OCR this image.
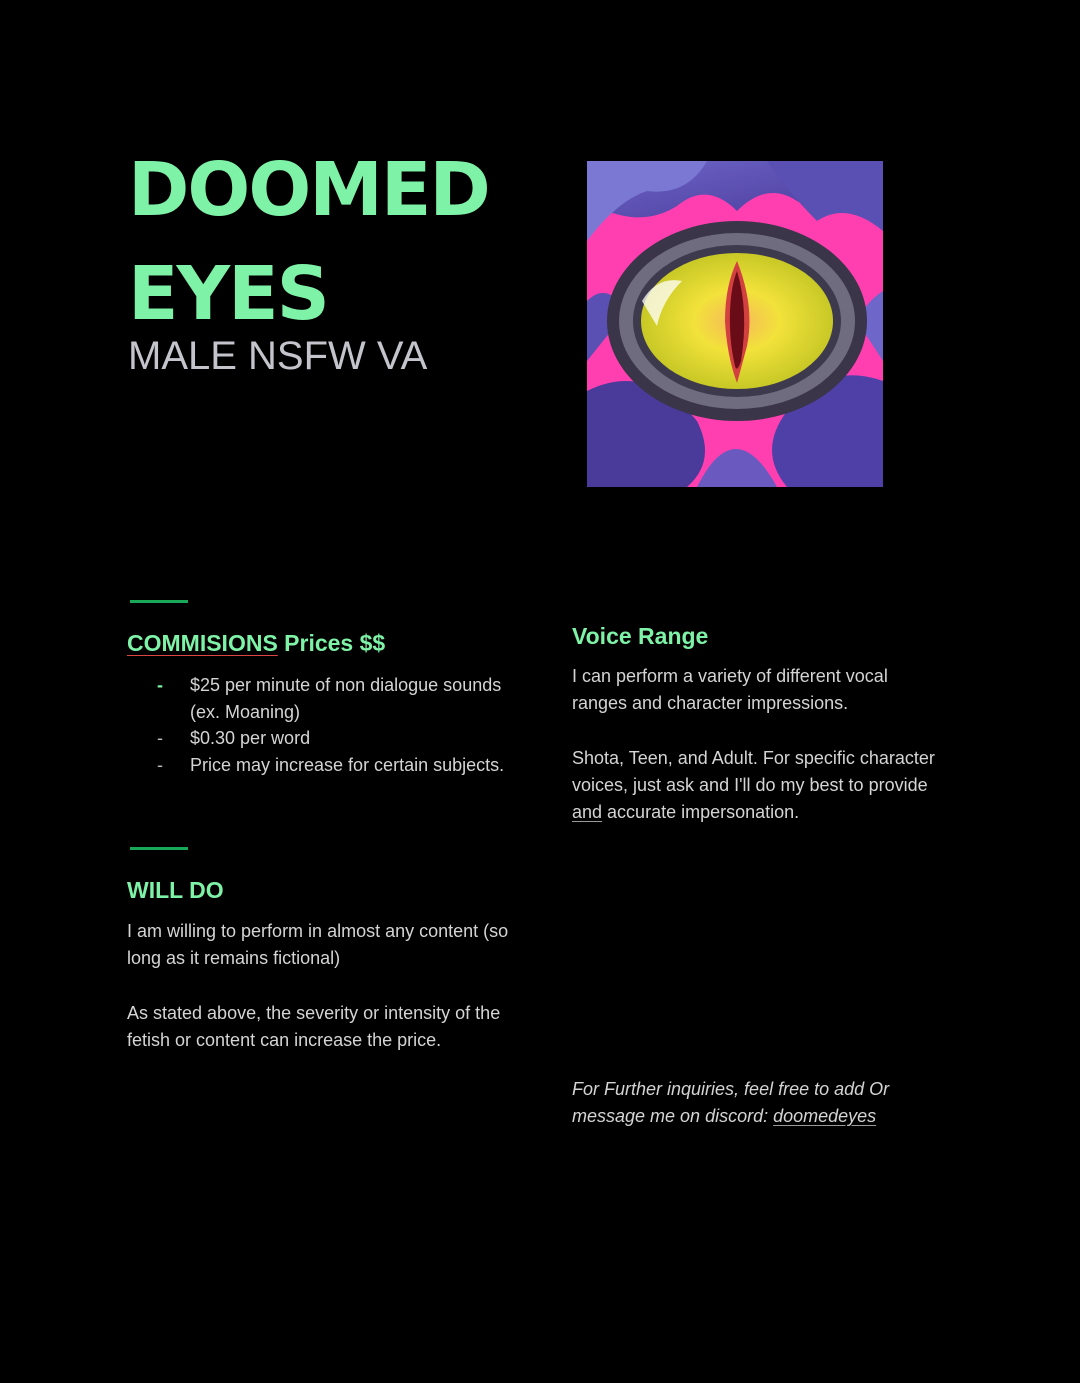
DOOMED
EYES

MALE NSFW VA

COMMISIONS Prices $$
- $25 per minute of non dialogue sounds (ex. Moaning)
- $0.30 per word
- Price may increase for certain subjects.
WILL DO

I am willing to perform in almost any content (so long as it remains fictional)

As stated above, the severity or intensity of the fetish or content can increase the price.

Voice Range

I can perform a variety of different vocal ranges and character impressions.

Shota, Teen, and Adult. For specific character voices, just ask and I'll do my best to provide and accurate impersonation.

For Further inquiries, feel free to add Or message me on discord: doomedeyes
